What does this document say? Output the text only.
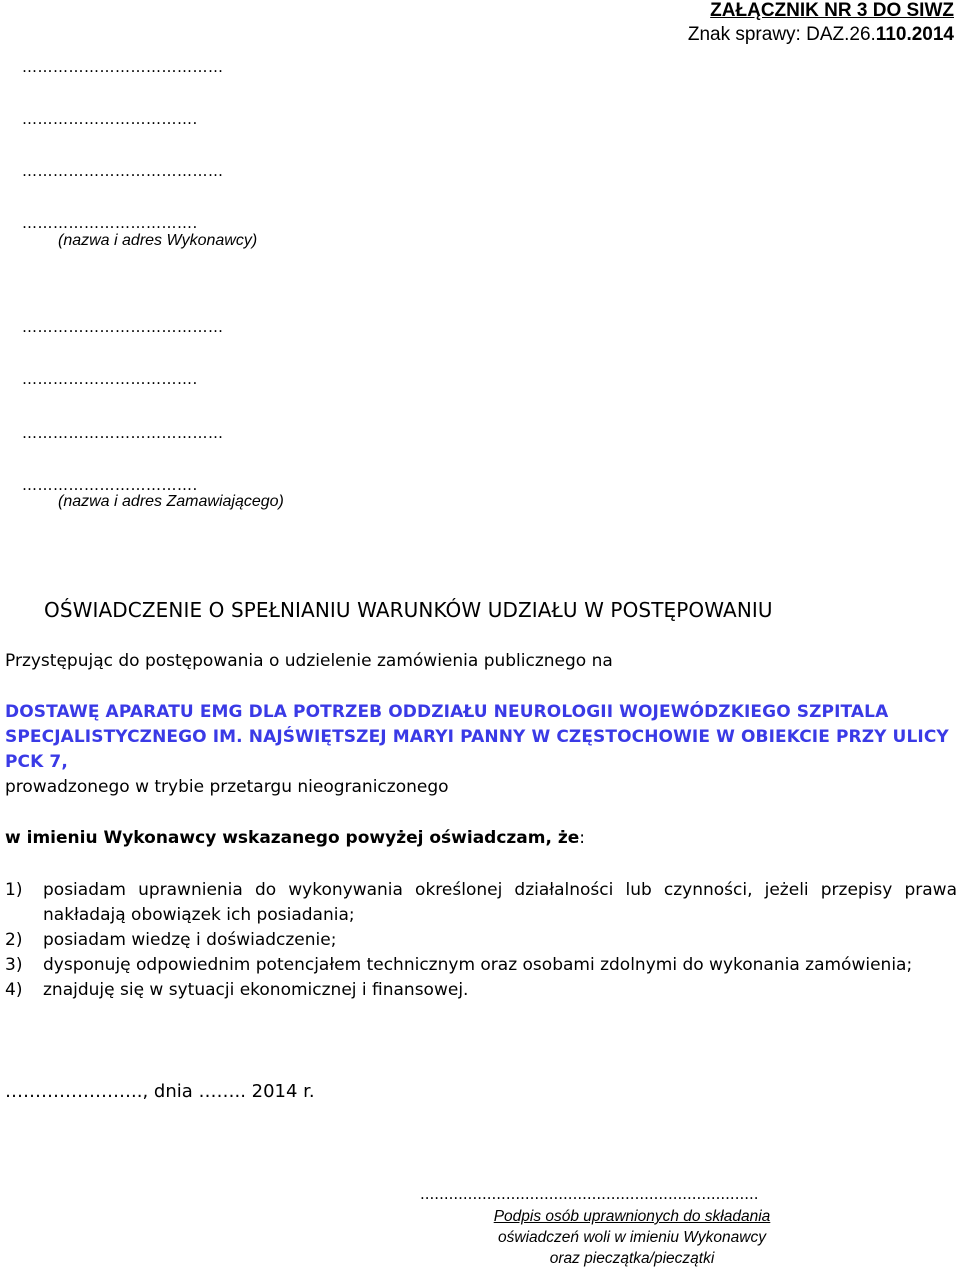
ZAŁĄCZNIK NR 3 DO SIWZ
Znak sprawy: DAZ.26.110.2014
…………………………………
…………………………….
…………………………………
…………………………….
(nazwa i adres Wykonawcy)
…………………………………
…………………………….
…………………………………
…………………………….
(nazwa i adres Zamawiającego)
OŚWIADCZENIE O SPEŁNIANIU WARUNKÓW UDZIAŁU W POSTĘPOWANIU
Przystępując do postępowania o udzielenie zamówienia publicznego na
DOSTAWĘ APARATU EMG DLA POTRZEB ODDZIAŁU NEUROLOGII WOJEWÓDZKIEGO SZPITALA SPECJALISTYCZNEGO IM. NAJŚWIĘTSZEJ MARYI PANNY W CZĘSTOCHOWIE W OBIEKCIE PRZY ULICY PCK 7,
prowadzonego w trybie przetargu nieograniczonego
w imieniu Wykonawcy wskazanego powyżej oświadczam, że:
1)	posiadam uprawnienia do wykonywania określonej działalności lub czynności, jeżeli przepisy prawa nakładają obowiązek ich posiadania;
2)	posiadam wiedzę i doświadczenie;
3)	dysponuję odpowiednim potencjałem technicznym oraz osobami zdolnymi do wykonania zamówienia;
4)	znajduję się w sytuacji ekonomicznej i finansowej.
………………….., dnia …….. 2014 r.
.......................................................................
Podpis osób uprawnionych do składania
oświadczeń woli w imieniu Wykonawcy
oraz pieczątka/pieczątki
